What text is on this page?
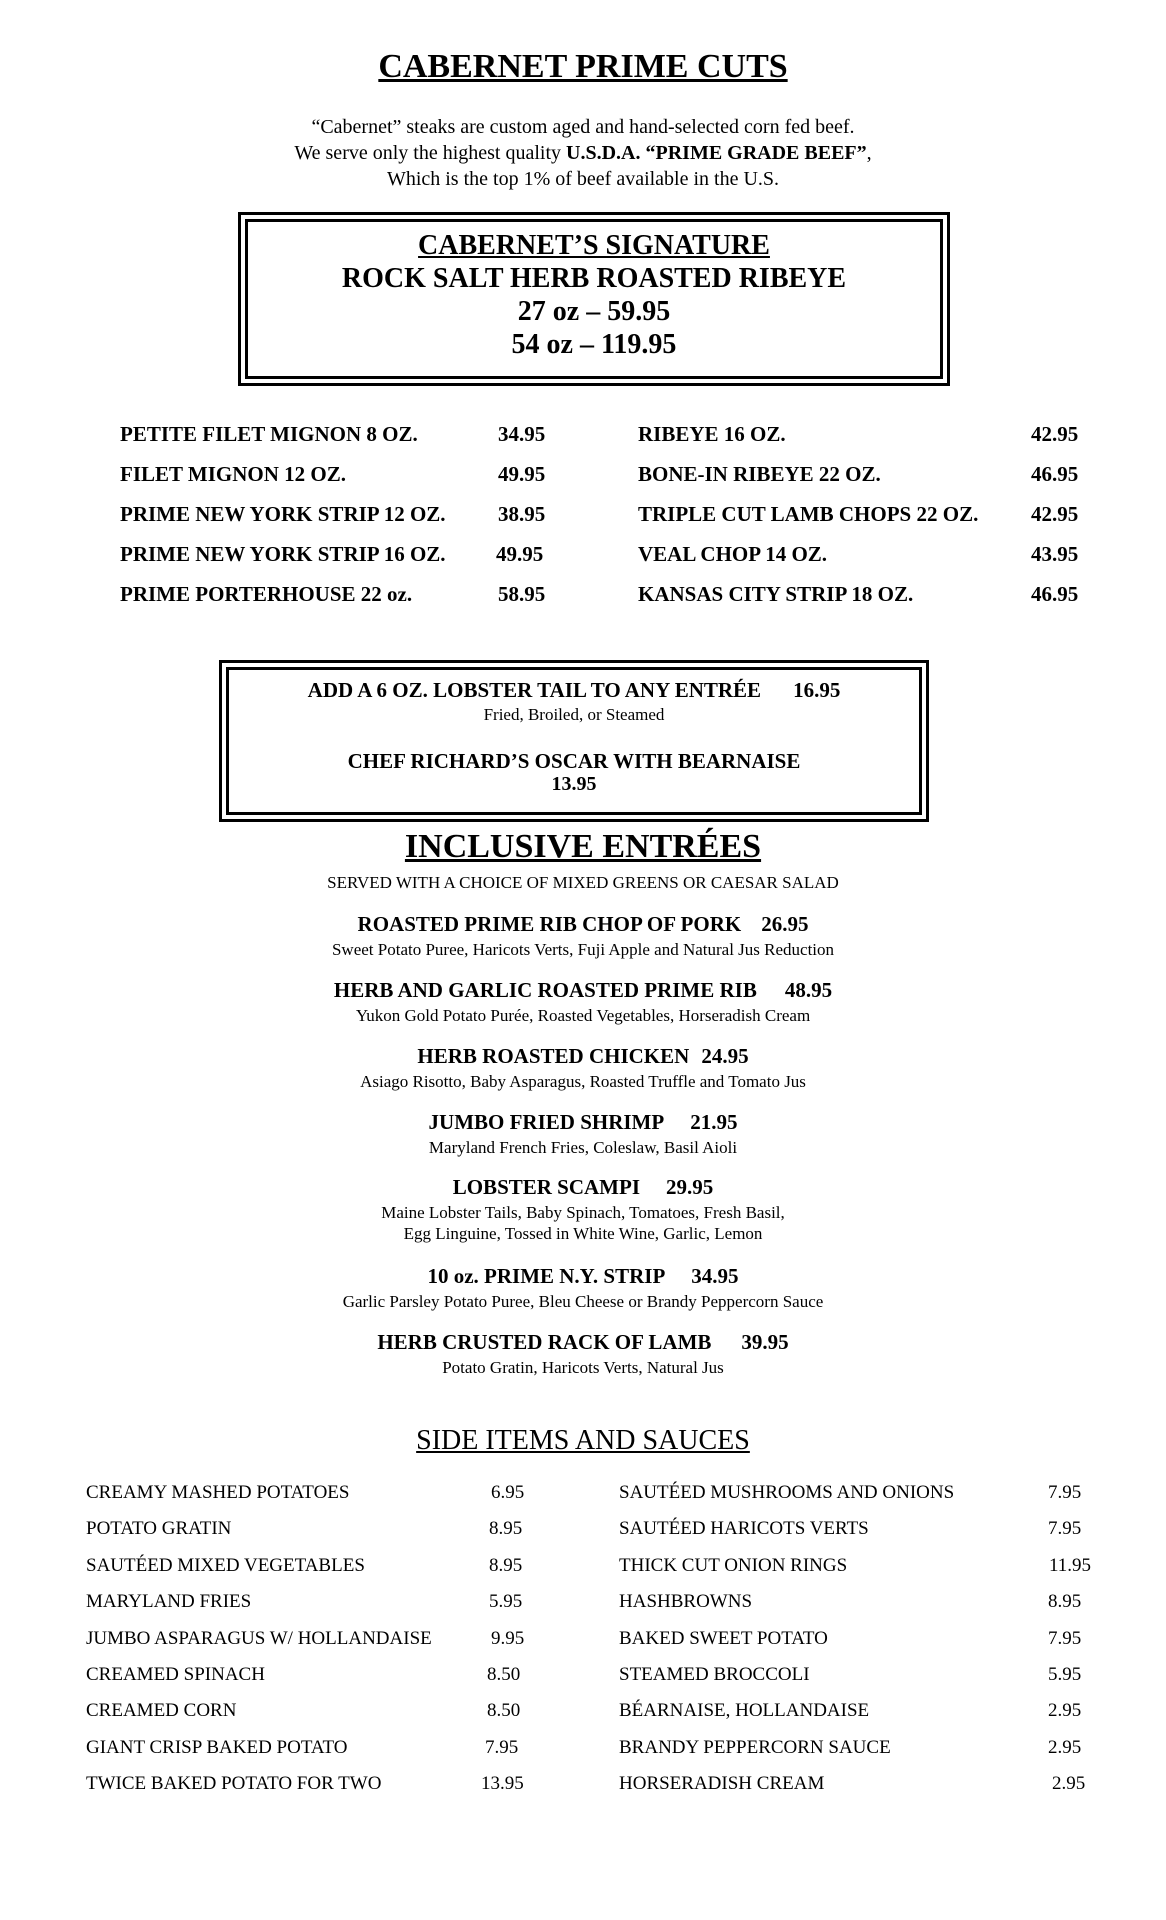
CABERNET PRIME CUTS
“Cabernet” steaks are custom aged and hand-selected corn fed beef.
We serve only the highest quality U.S.D.A. “PRIME GRADE BEEF”,
Which is the top 1% of beef available in the U.S.
CABERNET’S SIGNATURE
ROCK SALT HERB ROASTED RIBEYE
27 oz – 59.95
54 oz – 119.95
PETITE FILET MIGNON 8 OZ.	34.95
FILET MIGNON 12 OZ.	49.95
PRIME NEW YORK STRIP 12 OZ. 38.95
PRIME NEW YORK STRIP 16 OZ. 49.95
PRIME PORTERHOUSE 22 oz.	58.95
RIBEYE 16 OZ.	42.95
BONE-IN RIBEYE 22 OZ.	46.95
TRIPLE CUT LAMB CHOPS 22 OZ.	42.95
VEAL CHOP 14 OZ.	43.95
KANSAS CITY STRIP 18 OZ.	46.95
ADD A 6 OZ. LOBSTER TAIL TO ANY ENTRÉE 16.95
Fried, Broiled, or Steamed
CHEF RICHARD’S OSCAR WITH BEARNAISE
13.95
INCLUSIVE ENTRÉES
SERVED WITH A CHOICE OF MIXED GREENS OR CAESAR SALAD
ROASTED PRIME RIB CHOP OF PORK 26.95
Sweet Potato Puree, Haricots Verts, Fuji Apple and Natural Jus Reduction
HERB AND GARLIC ROASTED PRIME RIB 48.95
Yukon Gold Potato Purée, Roasted Vegetables, Horseradish Cream
HERB ROASTED CHICKEN 24.95
Asiago Risotto, Baby Asparagus, Roasted Truffle and Tomato Jus
JUMBO FRIED SHRIMP 21.95
Maryland French Fries, Coleslaw, Basil Aioli
LOBSTER SCAMPI 29.95
Maine Lobster Tails, Baby Spinach, Tomatoes, Fresh Basil,
Egg Linguine, Tossed in White Wine, Garlic, Lemon
10 oz. PRIME N.Y. STRIP 34.95
Garlic Parsley Potato Puree, Bleu Cheese or Brandy Peppercorn Sauce
HERB CRUSTED RACK OF LAMB 39.95
Potato Gratin, Haricots Verts, Natural Jus
SIDE ITEMS AND SAUCES
CREAMY MASHED POTATOES	6.95
POTATO GRATIN	8.95
SAUTÉED MIXED VEGETABLES	8.95
MARYLAND FRIES	5.95
JUMBO ASPARAGUS W/ HOLLANDAISE	9.95
CREAMED SPINACH	8.50
CREAMED CORN	8.50
GIANT CRISP BAKED POTATO	7.95
TWICE BAKED POTATO FOR TWO	13.95
SAUTÉED MUSHROOMS AND ONIONS	7.95
SAUTÉED HARICOTS VERTS	7.95
THICK CUT ONION RINGS	11.95
HASHBROWNS	8.95
BAKED SWEET POTATO	7.95
STEAMED BROCCOLI	5.95
BÉARNAISE, HOLLANDAISE	2.95
BRANDY PEPPERCORN SAUCE	2.95
HORSERADISH CREAM	2.95
